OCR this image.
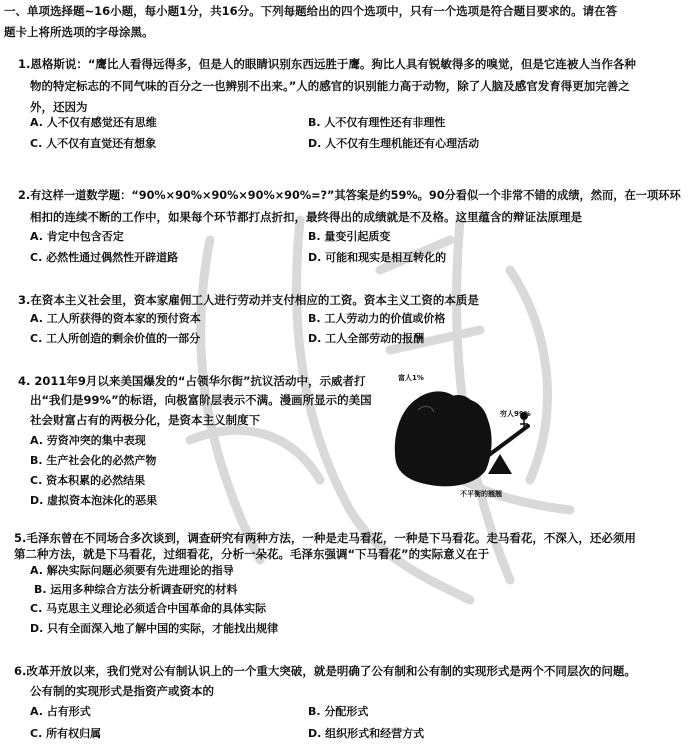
一、单项选择题~16小题，每小题1分，共16分。下列每题给出的四个选项中，只有一个选项是符合题目要求的。请在答
题卡上将所选项的字母涂黑。
1.恩格斯说：“鹰比人看得远得多，但是人的眼睛识别东西远胜于鹰。狗比人具有锐敏得多的嗅觉，但是它连被人当作各种
物的特定标志的不同气味的百分之一也辨别不出来。”人的感官的识别能力高于动物，除了人脑及感官发育得更加完善之
外，还因为
A. 人不仅有感觉还有思维	B. 人不仅有理性还有非理性
C. 人不仅有直觉还有想象	D. 人不仅有生理机能还有心理活动
2.有这样一道数学题：“90%×90%×90%×90%×90%=?”其答案是约59%。90分看似一个非常不错的成绩，然而，在一项环环
相扣的连续不断的工作中，如果每个环节都打点折扣，最终得出的成绩就是不及格。这里蕴含的辩证法原理是
A. 肯定中包含否定	B. 量变引起质变
C. 必然性通过偶然性开辟道路	D. 可能和现实是相互转化的
3.在资本主义社会里，资本家雇佣工人进行劳动并支付相应的工资。资本主义工资的本质是
A. 工人所获得的资本家的预付资本	B. 工人劳动力的价值或价格
C. 工人所创造的剩余价值的一部分	D. 工人全部劳动的报酬
4. 2011年9月以来美国爆发的“占领华尔街”抗议活动中，示威者打
出“我们是99%”的标语，向极富阶层表示不满。漫画所显示的美国
社会财富占有的两极分化，是资本主义制度下
A. 劳资冲突的集中表现
B. 生产社会化的必然产物
C. 资本积累的必然结果
D. 虚拟资本泡沫化的恶果
富人1%
穷人99%
不平衡的翘翘
5.毛泽东曾在不同场合多次谈到，调查研究有两种方法，一种是走马看花，一种是下马看花。走马看花，不深入，还必须用
第二种方法，就是下马看花，过细看花，分析一朵花。毛泽东强调“下马看花”的实际意义在于
A. 解决实际问题必须要有先进理论的指导
B. 运用多种综合方法分析调查研究的材料
C. 马克思主义理论必须适合中国革命的具体实际
D. 只有全面深入地了解中国的实际，才能找出规律
6.改革开放以来，我们党对公有制认识上的一个重大突破，就是明确了公有制和公有制的实现形式是两个不同层次的问题。
公有制的实现形式是指资产或资本的
A. 占有形式	B. 分配形式
C. 所有权归属	D. 组织形式和经营方式
